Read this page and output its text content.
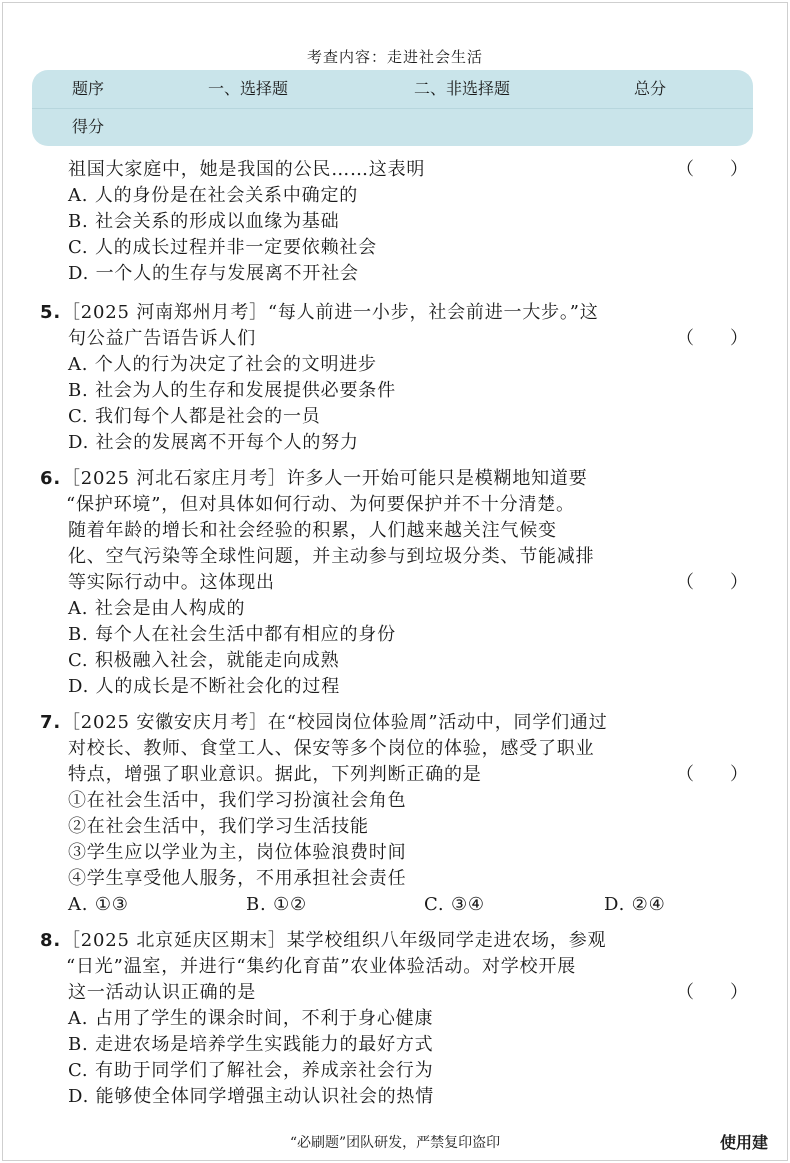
考查内容：走进社会生活
题序	一、选择题	二、非选择题	总分
得分
祖国大家庭中，她是我国的公民……这表明	（　　）
A. 人的身份是在社会关系中确定的
B. 社会关系的形成以血缘为基础
C. 人的成长过程并非一定要依赖社会
D. 一个人的生存与发展离不开社会
5. ［2025 河南郑州月考］“每人前进一小步，社会前进一大步。”这
句公益广告语告诉人们	（　　）
A. 个人的行为决定了社会的文明进步
B. 社会为人的生存和发展提供必要条件
C. 我们每个人都是社会的一员
D. 社会的发展离不开每个人的努力
6. ［2025 河北石家庄月考］许多人一开始可能只是模糊地知道要
“保护环境”，但对具体如何行动、为何要保护并不十分清楚。
随着年龄的增长和社会经验的积累，人们越来越关注气候变
化、空气污染等全球性问题，并主动参与到垃圾分类、节能减排
等实际行动中。这体现出	（　　）
A. 社会是由人构成的
B. 每个人在社会生活中都有相应的身份
C. 积极融入社会，就能走向成熟
D. 人的成长是不断社会化的过程
7. ［2025 安徽安庆月考］在“校园岗位体验周”活动中，同学们通过
对校长、教师、食堂工人、保安等多个岗位的体验，感受了职业
特点，增强了职业意识。据此，下列判断正确的是	（　　）
①在社会生活中，我们学习扮演社会角色
②在社会生活中，我们学习生活技能
③学生应以学业为主，岗位体验浪费时间
④学生享受他人服务，不用承担社会责任
A. ①③	B. ①②	C. ③④	D. ②④
8. ［2025 北京延庆区期末］某学校组织八年级同学走进农场，参观
“日光”温室，并进行“集约化育苗”农业体验活动。对学校开展
这一活动认识正确的是	（　　）
A. 占用了学生的课余时间，不利于身心健康
B. 走进农场是培养学生实践能力的最好方式
C. 有助于同学们了解社会，养成亲社会行为
D. 能够使全体同学增强主动认识社会的热情
“必刷题”团队研发，严禁复印盗印	使用建
